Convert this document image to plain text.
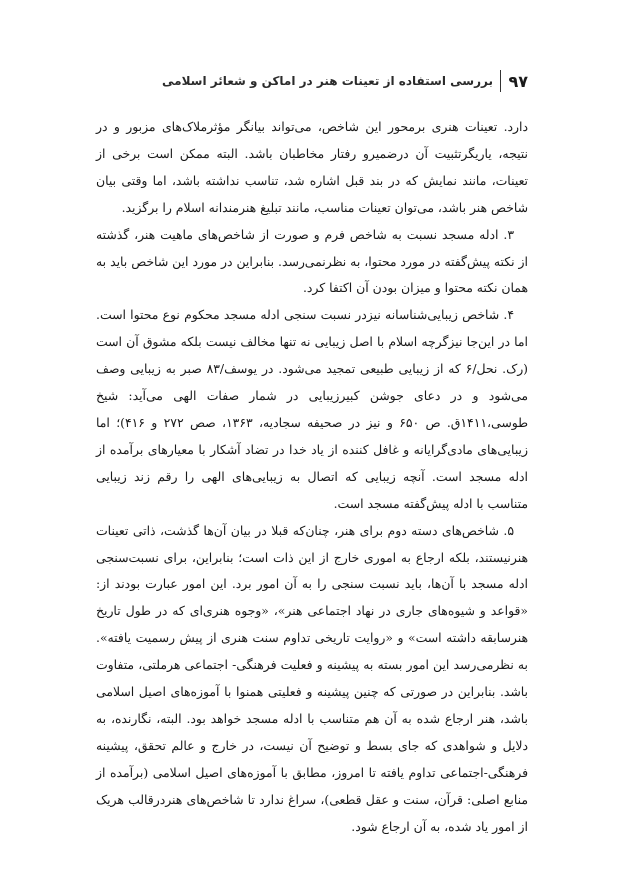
۹۷
بررسی استفاده از تعینات هنر در اماکن و شعائر اسلامی

دارد. تعینات هنری برمحور این شاخص، می‌تواند بیانگر مؤثرملاک‌های مزبور و در نتیجه، یاریگرتثبیت آن درضمیرو رفتار مخاطبان باشد. البته ممکن است برخی از تعینات، مانند نمایش که در بند قبل اشاره شد، تناسب نداشته باشد، اما وقتی بیان شاخص هنر باشد، می‌توان تعینات مناسب، مانند تبلیغ هنرمندانه اسلام را برگزید.

۳. ادله مسجد نسبت به شاخص فرم و صورت از شاخص‌های ماهیت هنر، گذشته از نکته پیش‌گفته در مورد محتوا، به نظرنمی‌رسد. بنابراین در مورد این شاخص باید به همان نکته محتوا و میزان بودن آن اکتفا کرد.

۴. شاخص زیبایی‌شناسانه نیزدر نسبت سنجی ادله مسجد محکوم نوع محتوا است. اما در این‌جا نیزگرچه اسلام با اصل زیبایی نه تنها مخالف نیست بلکه مشوق آن است (رک. نحل/۶ که از زیبایی طبیعی تمجید می‌شود. در یوسف/۸۳ صبر به زیبایی وصف می‌شود و در دعای جوشن کبیرزیبایی در شمار صفات الهی می‌آید: شیخ طوسی،۱۴۱۱ق. ص ۶۵۰ و نیز در صحیفه سجادیه، ۱۳۶۳، صص ۲۷۲ و ۴۱۶)؛ اما زیبایی‌های مادی‌گرایانه و غافل کننده از یاد خدا در تضاد آشکار با معیارهای برآمده از ادله مسجد است. آنچه زیبایی که اتصال به زیبایی‌های الهی را رقم زند زیبایی متناسب با ادله پیش‌گفته مسجد است.

۵. شاخص‌های دسته دوم برای هنر، چنان‌که قبلا در بیان آن‌ها گذشت، ذاتی تعینات هنرنیستند، بلکه ارجاع به اموری خارج از این ذات است؛ بنابراین، برای نسبت‌سنجی ادله مسجد با آن‌ها، باید نسبت سنجی را به آن امور برد. این امور عبارت بودند از: «قواعد و شیوه‌های جاری در نهاد اجتماعی هنر»، «وجوه هنری‌ای که در طول تاریخ هنرسابقه داشته است» و «روایت تاریخی تداوم سنت هنری از پیش رسمیت یافته». به نظرمی‌رسد این امور بسته به پیشینه و فعلیت فرهنگی- اجتماعی هرملتی، متفاوت باشد. بنابراین در صورتی که چنین پیشینه و فعلیتی همنوا با آموزه‌های اصیل اسلامی باشد، هنر ارجاع شده به آن هم متناسب با ادله مسجد خواهد بود. البته، نگارنده، به دلایل و شواهدی که جای بسط و توضیح آن نیست، در خارج و عالم تحقق، پیشینه فرهنگی-اجتماعی تداوم یافته تا امروز، مطابق با آموزه‌های اصیل اسلامی (برآمده از منابع اصلی: قرآن، سنت و عقل قطعی)، سراغ ندارد تا شاخص‌های هنردرقالب هریک از امور یاد شده، به آن ارجاع شود.
